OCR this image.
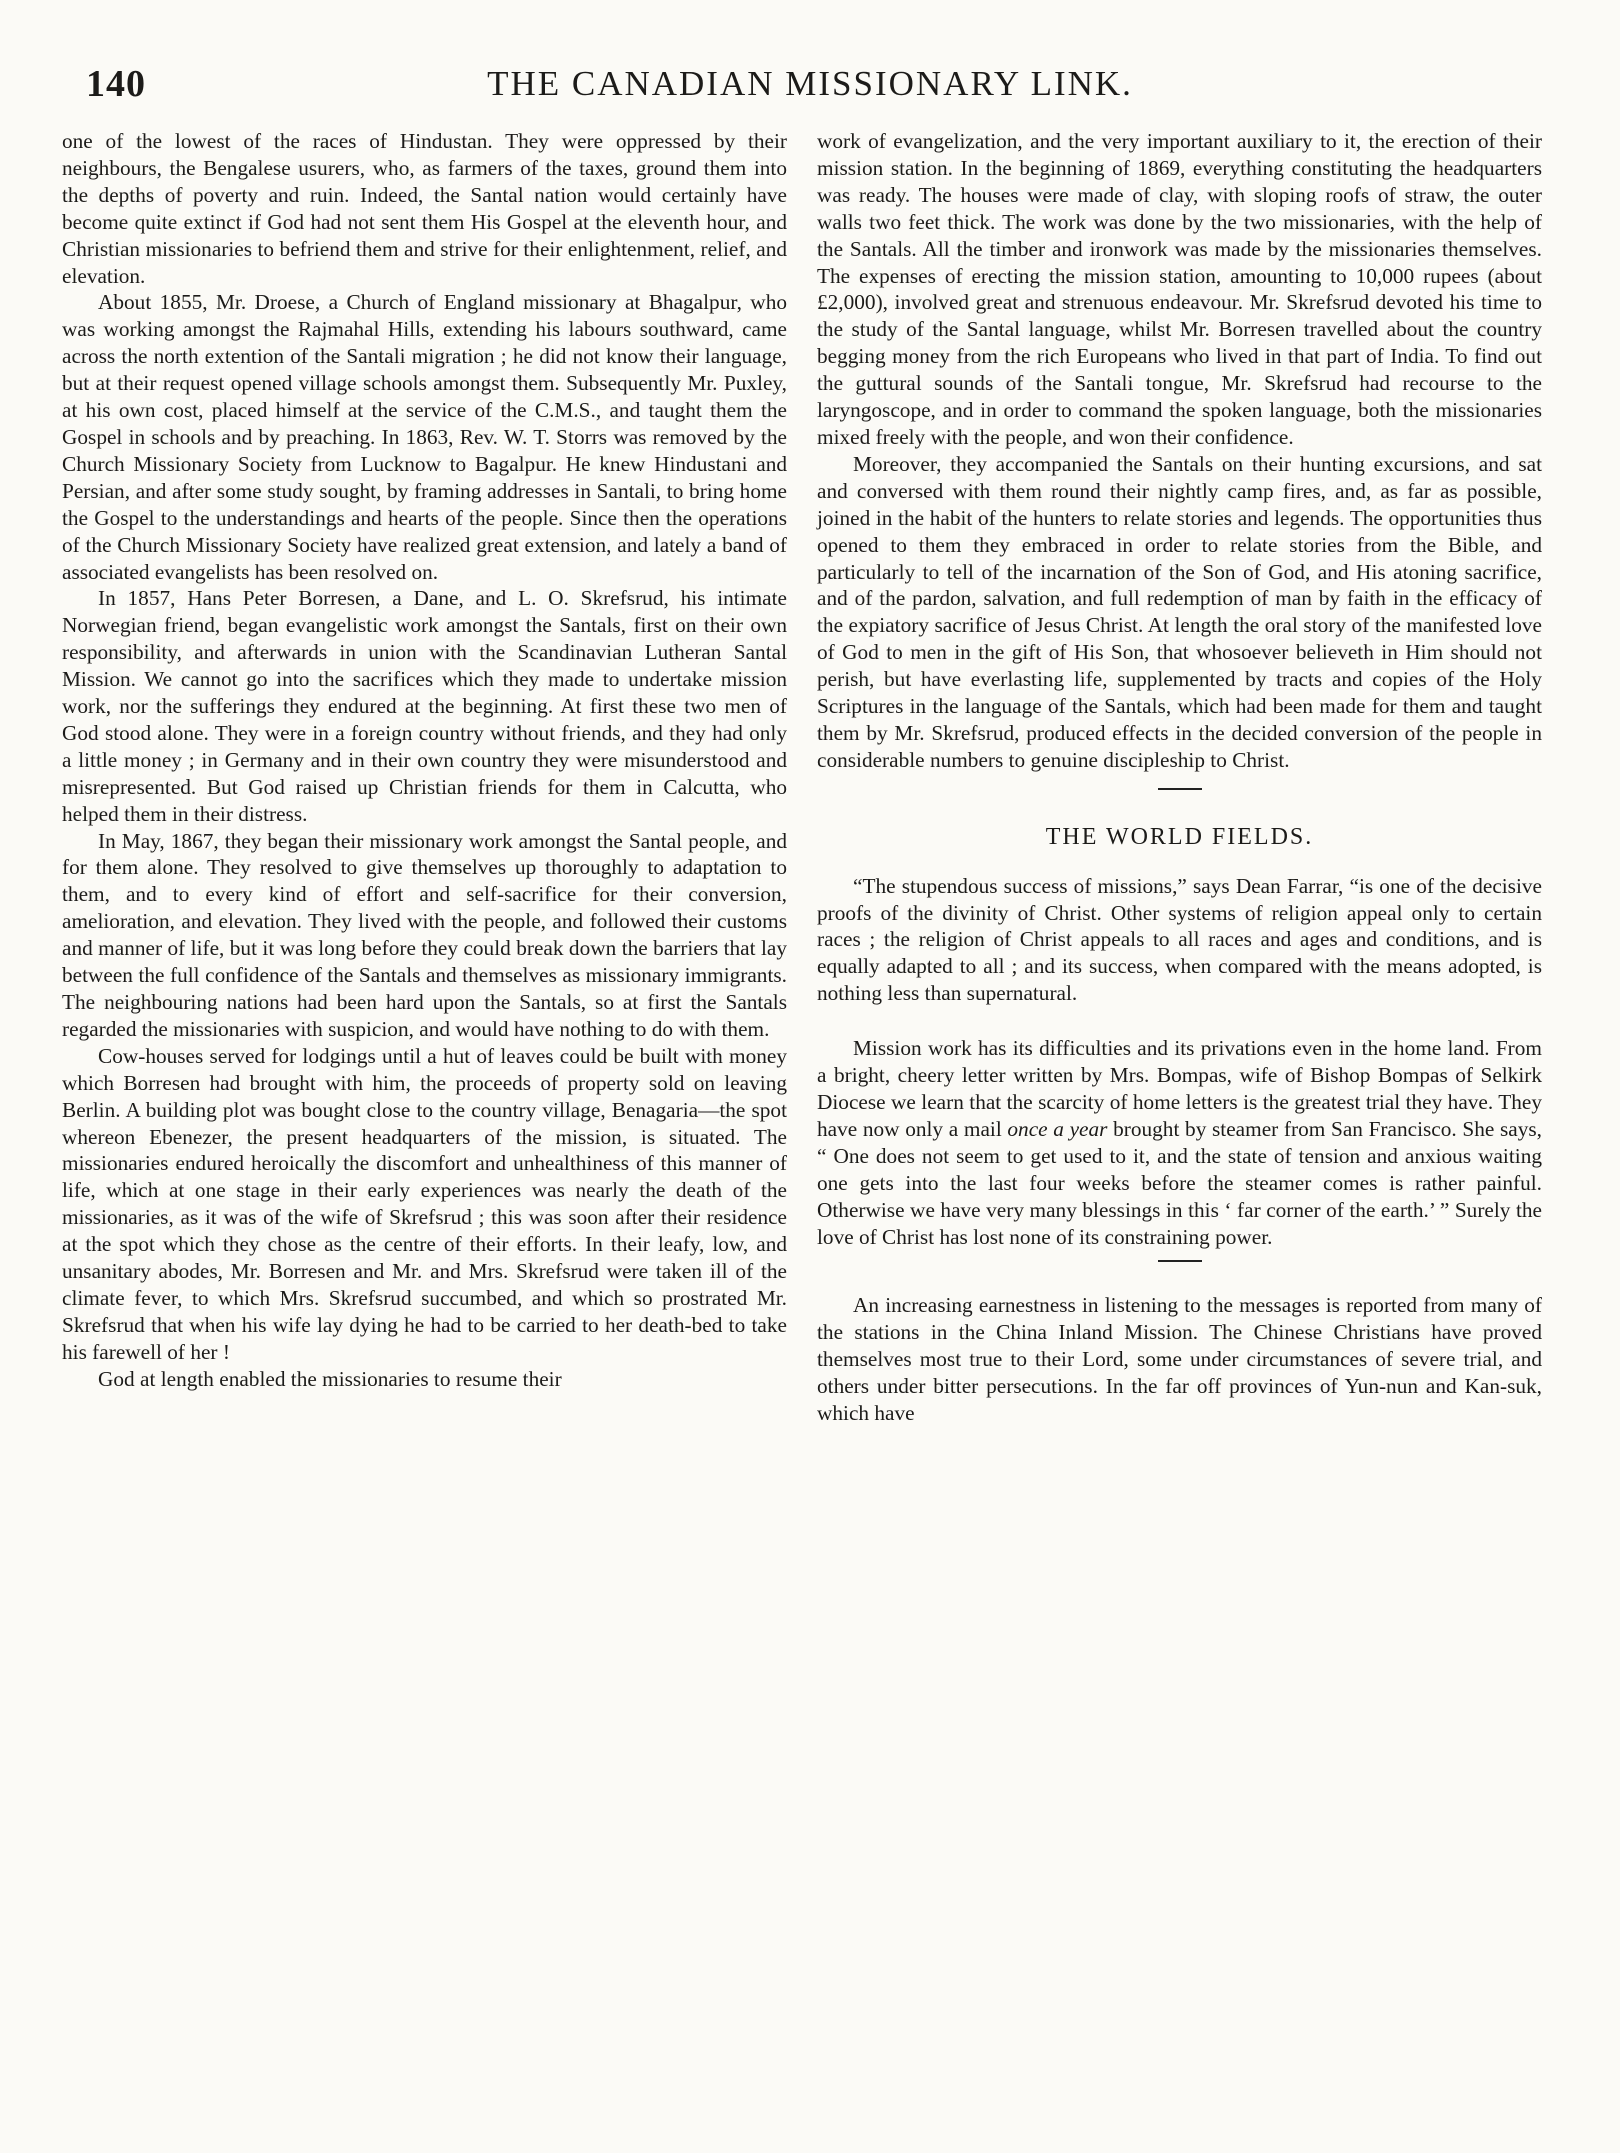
140	THE CANADIAN MISSIONARY LINK.

one of the lowest of the races of Hindustan. They were oppressed by their neighbours, the Bengalese usurers, who, as farmers of the taxes, ground them into the depths of poverty and ruin. Indeed, the Santal nation would certainly have become quite extinct if God had not sent them His Gospel at the eleventh hour, and Christian missionaries to befriend them and strive for their enlightenment, relief, and elevation.

About 1855, Mr. Droese, a Church of England missionary at Bhagalpur, who was working amongst the Rajmahal Hills, extending his labours southward, came across the north extention of the Santali migration ; he did not know their language, but at their request opened village schools amongst them. Subsequently Mr. Puxley, at his own cost, placed himself at the service of the C.M.S., and taught them the Gospel in schools and by preaching. In 1863, Rev. W. T. Storrs was removed by the Church Missionary Society from Lucknow to Bagalpur. He knew Hindustani and Persian, and after some study sought, by framing addresses in Santali, to bring home the Gospel to the understandings and hearts of the people. Since then the operations of the Church Missionary Society have realized great extension, and lately a band of associated evangelists has been resolved on.

In 1857, Hans Peter Borresen, a Dane, and L. O. Skrefsrud, his intimate Norwegian friend, began evangelistic work amongst the Santals, first on their own responsibility, and afterwards in union with the Scandinavian Lutheran Santal Mission. We cannot go into the sacrifices which they made to undertake mission work, nor the sufferings they endured at the beginning. At first these two men of God stood alone. They were in a foreign country without friends, and they had only a little money ; in Germany and in their own country they were misunderstood and misrepresented. But God raised up Christian friends for them in Calcutta, who helped them in their distress.

In May, 1867, they began their missionary work amongst the Santal people, and for them alone. They resolved to give themselves up thoroughly to adaptation to them, and to every kind of effort and self-sacrifice for their conversion, amelioration, and elevation. They lived with the people, and followed their customs and manner of life, but it was long before they could break down the barriers that lay between the full confidence of the Santals and themselves as missionary immigrants. The neighbouring nations had been hard upon the Santals, so at first the Santals regarded the missionaries with suspicion, and would have nothing to do with them.

Cow-houses served for lodgings until a hut of leaves could be built with money which Borresen had brought with him, the proceeds of property sold on leaving Berlin. A building plot was bought close to the country village, Benagaria—the spot whereon Ebenezer, the present headquarters of the mission, is situated. The missionaries endured heroically the discomfort and unhealthiness of this manner of life, which at one stage in their early experiences was nearly the death of the missionaries, as it was of the wife of Skrefsrud ; this was soon after their residence at the spot which they chose as the centre of their efforts. In their leafy, low, and unsanitary abodes, Mr. Borresen and Mr. and Mrs. Skrefsrud were taken ill of the climate fever, to which Mrs. Skrefsrud succumbed, and which so prostrated Mr. Skrefsrud that when his wife lay dying he had to be carried to her death-bed to take his farewell of her !

God at length enabled the missionaries to resume their

work of evangelization, and the very important auxiliary to it, the erection of their mission station. In the beginning of 1869, everything constituting the headquarters was ready. The houses were made of clay, with sloping roofs of straw, the outer walls two feet thick. The work was done by the two missionaries, with the help of the Santals. All the timber and ironwork was made by the missionaries themselves. The expenses of erecting the mission station, amounting to 10,000 rupees (about £2,000), involved great and strenuous endeavour. Mr. Skrefsrud devoted his time to the study of the Santal language, whilst Mr. Borresen travelled about the country begging money from the rich Europeans who lived in that part of India. To find out the guttural sounds of the Santali tongue, Mr. Skrefsrud had recourse to the laryngoscope, and in order to command the spoken language, both the missionaries mixed freely with the people, and won their confidence.

Moreover, they accompanied the Santals on their hunting excursions, and sat and conversed with them round their nightly camp fires, and, as far as possible, joined in the habit of the hunters to relate stories and legends. The opportunities thus opened to them they embraced in order to relate stories from the Bible, and particularly to tell of the incarnation of the Son of God, and His atoning sacrifice, and of the pardon, salvation, and full redemption of man by faith in the efficacy of the expiatory sacrifice of Jesus Christ. At length the oral story of the manifested love of God to men in the gift of His Son, that whosoever believeth in Him should not perish, but have everlasting life, supplemented by tracts and copies of the Holy Scriptures in the language of the Santals, which had been made for them and taught them by Mr. Skrefsrud, produced effects in the decided conversion of the people in considerable numbers to genuine discipleship to Christ.

THE WORLD FIELDS.

“The stupendous success of missions,” says Dean Farrar, “is one of the decisive proofs of the divinity of Christ. Other systems of religion appeal only to certain races ; the religion of Christ appeals to all races and ages and conditions, and is equally adapted to all ; and its success, when compared with the means adopted, is nothing less than supernatural.

Mission work has its difficulties and its privations even in the home land. From a bright, cheery letter written by Mrs. Bompas, wife of Bishop Bompas of Selkirk Diocese we learn that the scarcity of home letters is the greatest trial they have. They have now only a mail once a year brought by steamer from San Francisco. She says, “ One does not seem to get used to it, and the state of tension and anxious waiting one gets into the last four weeks before the steamer comes is rather painful. Otherwise we have very many blessings in this ‘ far corner of the earth.’ ” Surely the love of Christ has lost none of its constraining power.

An increasing earnestness in listening to the messages is reported from many of the stations in the China Inland Mission. The Chinese Christians have proved themselves most true to their Lord, some under circumstances of severe trial, and others under bitter persecutions. In the far off provinces of Yun-nun and Kan-suk, which have
